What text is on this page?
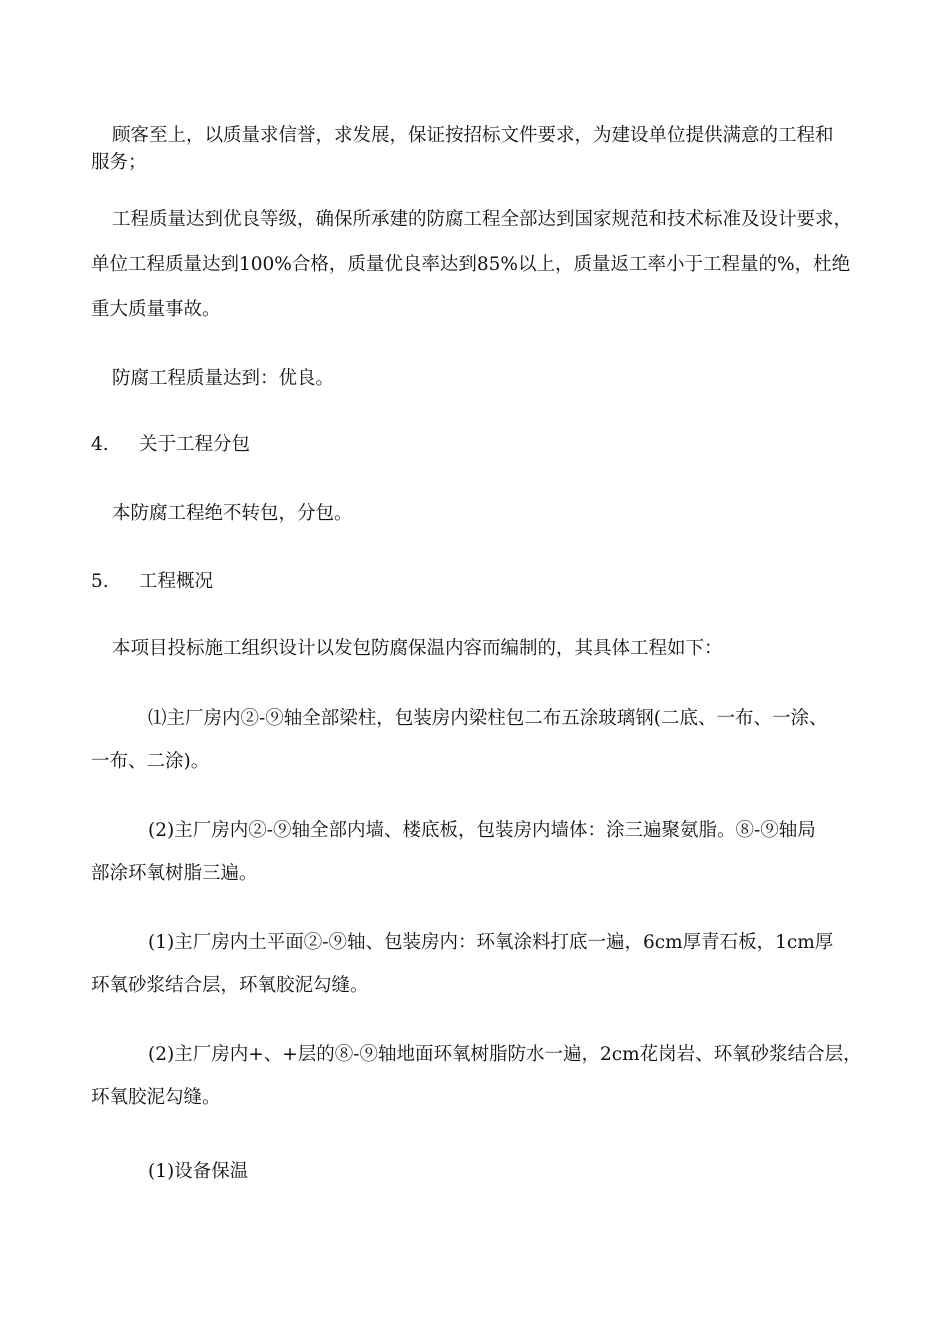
顾客至上，以质量求信誉，求发展，保证按招标文件要求，为建设单位提供满意的工程和
服务；
工程质量达到优良等级，确保所承建的防腐工程全部达到国家规范和技术标准及设计要求，
单位工程质量达到100%合格，质量优良率达到85%以上，质量返工率小于工程量的%，杜绝
重大质量事故。
防腐工程质量达到：优良。
4. 关于工程分包
本防腐工程绝不转包，分包。
5. 工程概况
本项目投标施工组织设计以发包防腐保温内容而编制的，其具体工程如下：
⑴主厂房内②-⑨轴全部梁柱，包装房内梁柱包二布五涂玻璃钢(二底、一布、一涂、
一布、二涂)。
(2)主厂房内②-⑨轴全部内墙、楼底板，包装房内墙体：涂三遍聚氨脂。⑧-⑨轴局
部涂环氧树脂三遍。
(1)主厂房内土平面②-⑨轴、包装房内：环氧涂料打底一遍，6cm厚青石板，1cm厚
环氧砂浆结合层，环氧胶泥勾缝。
(2)主厂房内+、+层的⑧-⑨轴地面环氧树脂防水一遍，2cm花岗岩、环氧砂浆结合层，
环氧胶泥勾缝。
(1)设备保温
